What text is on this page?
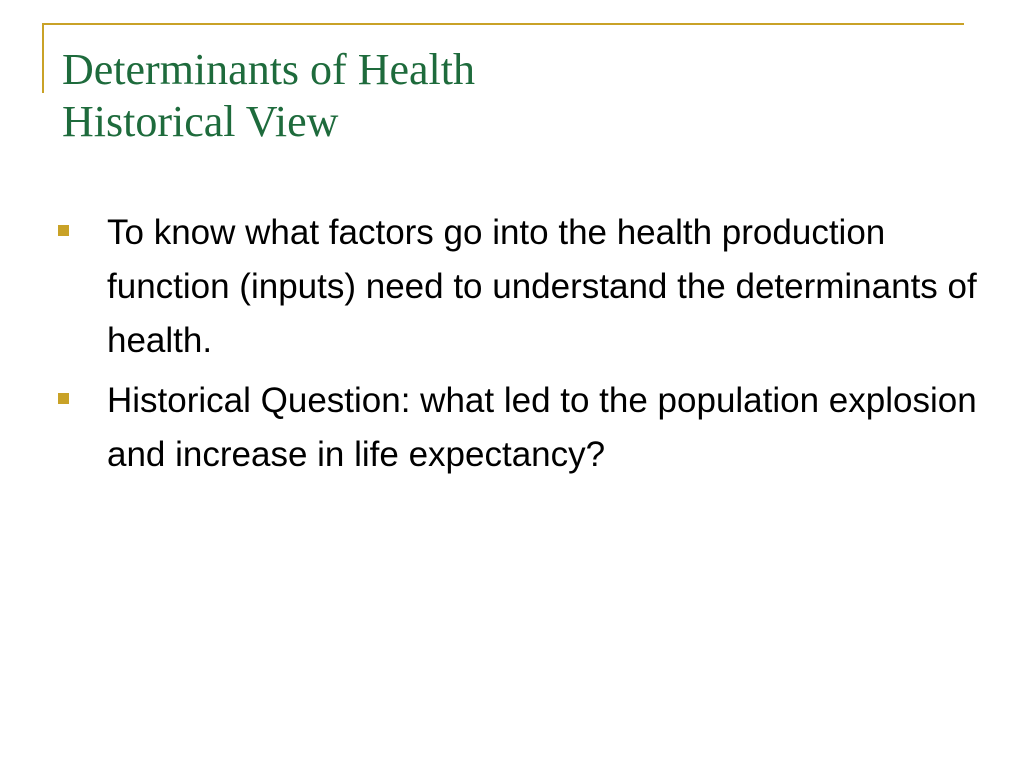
Determinants of Health
Historical View
To know what factors go into the health production function (inputs) need to understand the determinants of health.
Historical Question: what led to the population explosion and increase in life expectancy?
